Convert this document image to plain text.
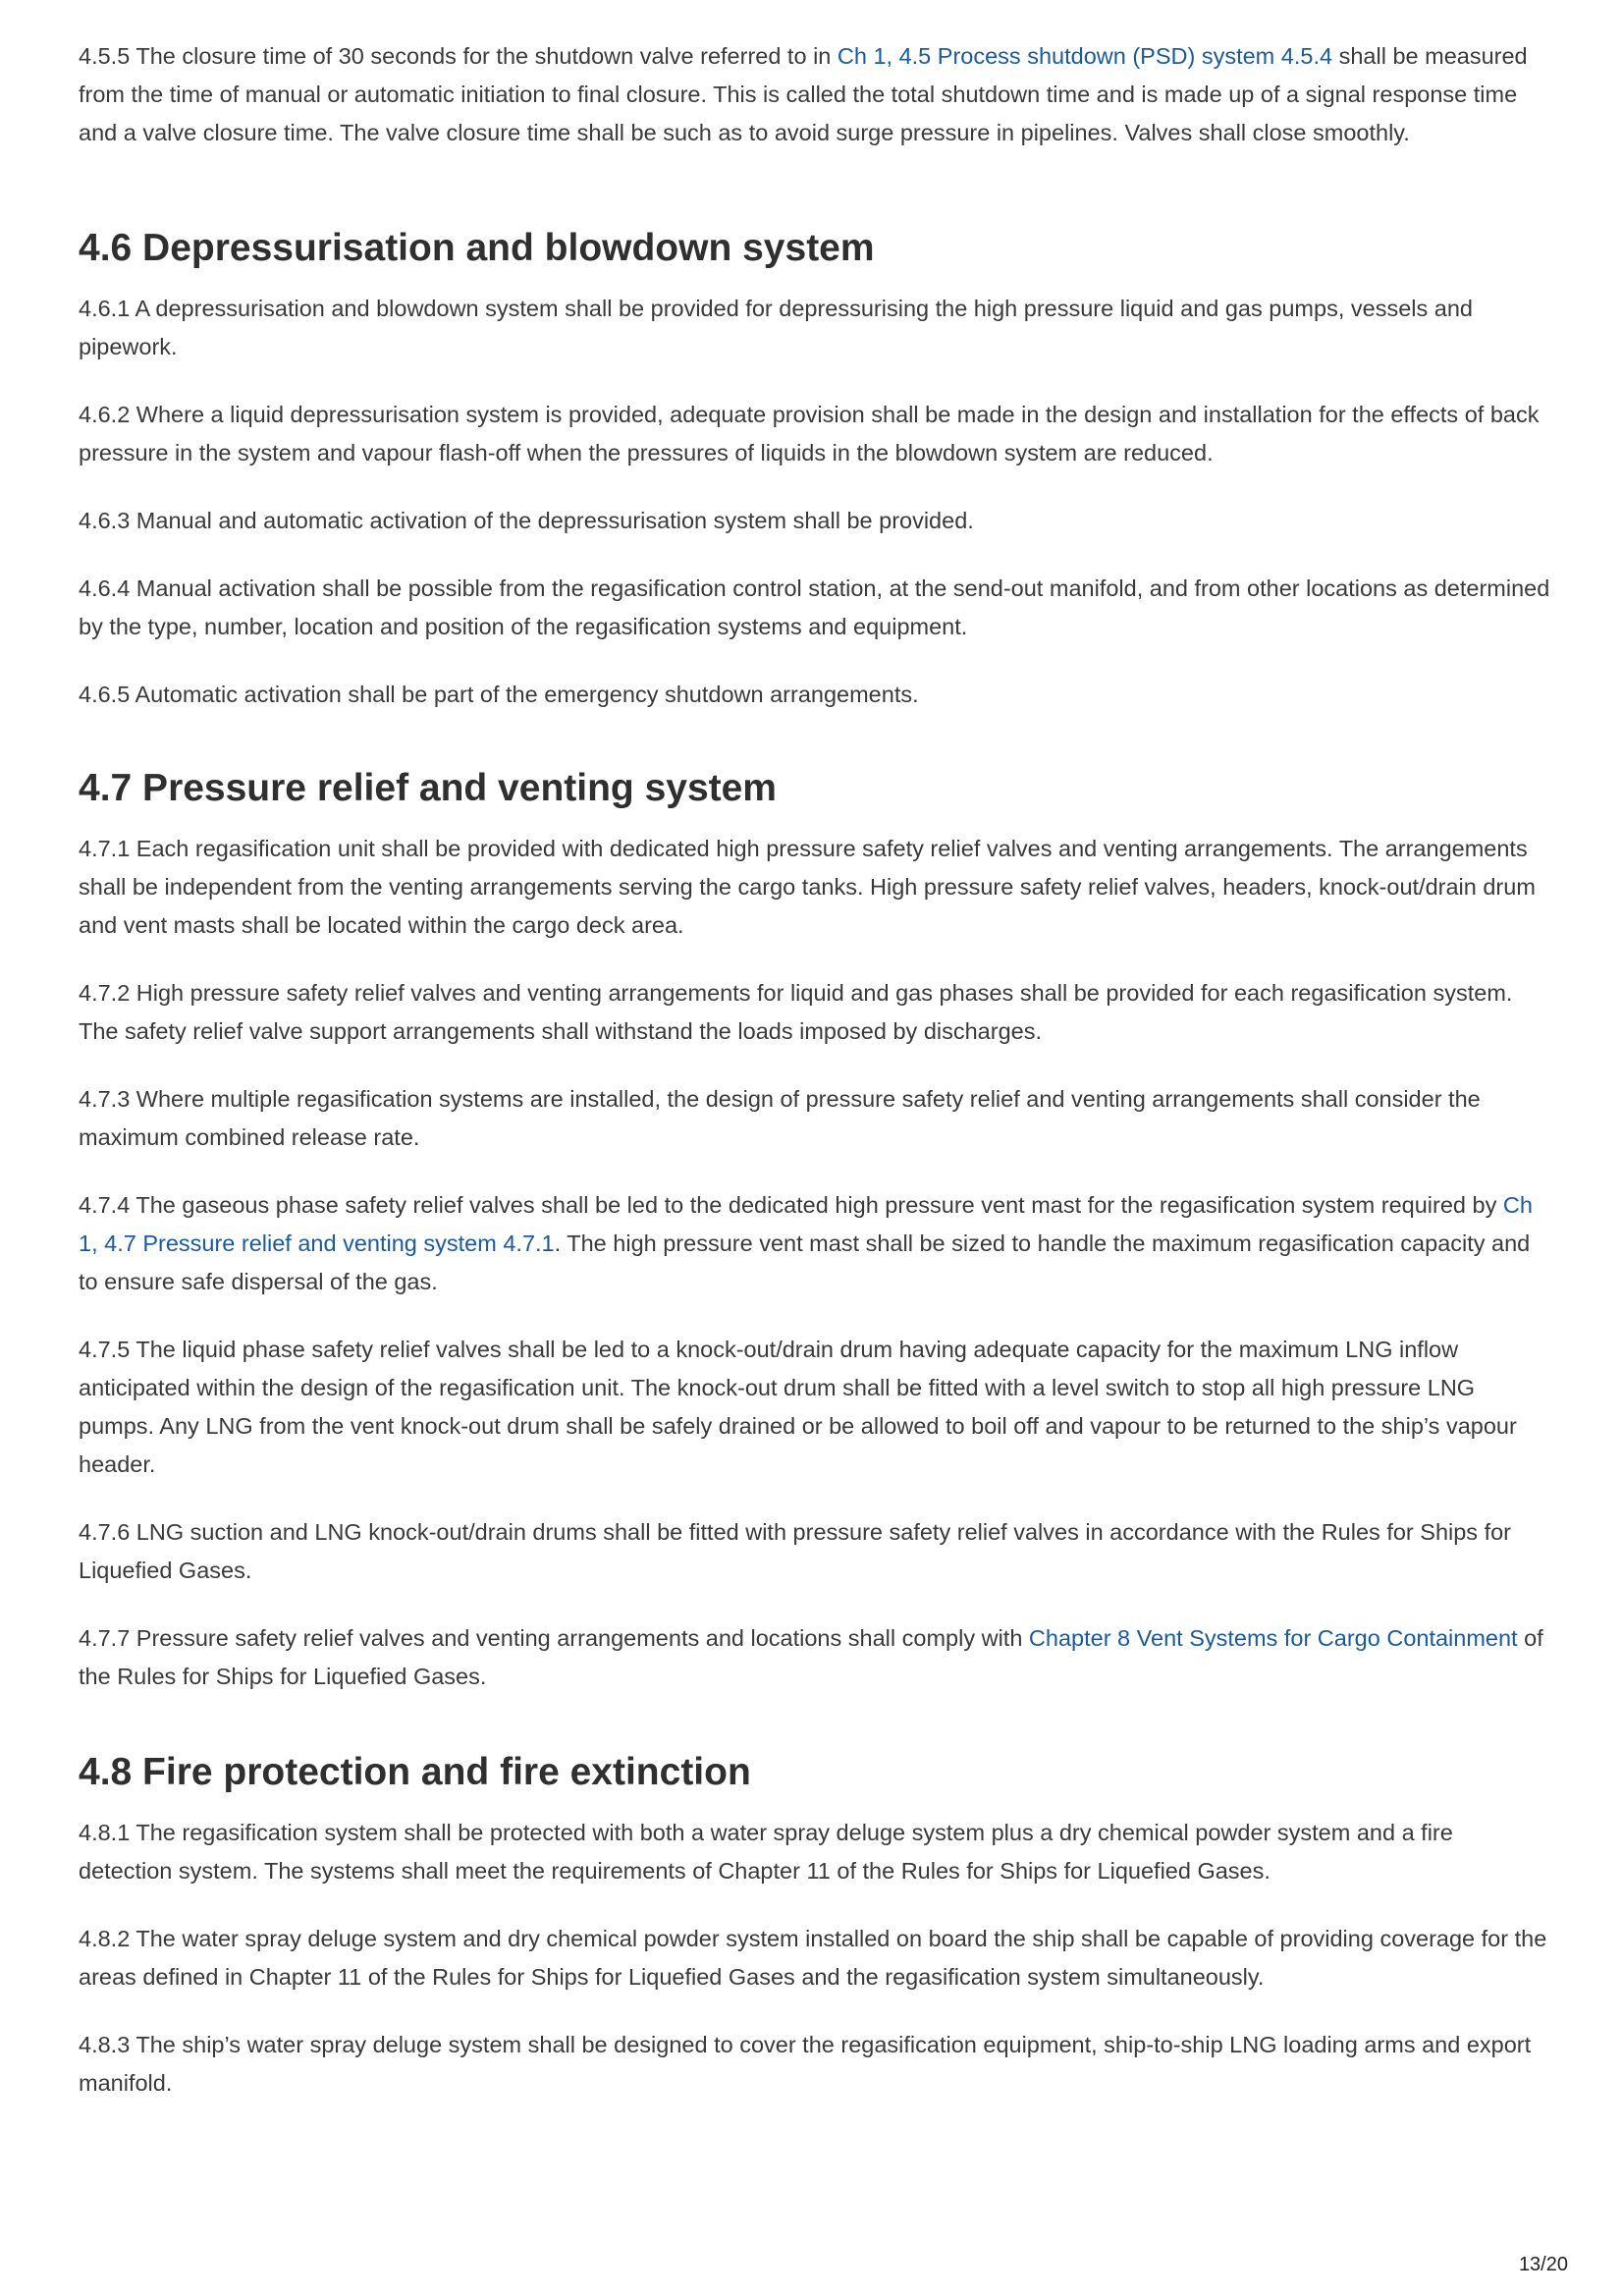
4.5.5 The closure time of 30 seconds for the shutdown valve referred to in Ch 1, 4.5 Process shutdown (PSD) system 4.5.4 shall be measured from the time of manual or automatic initiation to final closure. This is called the total shutdown time and is made up of a signal response time and a valve closure time. The valve closure time shall be such as to avoid surge pressure in pipelines. Valves shall close smoothly.

4.6 Depressurisation and blowdown system

4.6.1 A depressurisation and blowdown system shall be provided for depressurising the high pressure liquid and gas pumps, vessels and pipework.

4.6.2 Where a liquid depressurisation system is provided, adequate provision shall be made in the design and installation for the effects of back pressure in the system and vapour flash-off when the pressures of liquids in the blowdown system are reduced.

4.6.3 Manual and automatic activation of the depressurisation system shall be provided.

4.6.4 Manual activation shall be possible from the regasification control station, at the send-out manifold, and from other locations as determined by the type, number, location and position of the regasification systems and equipment.

4.6.5 Automatic activation shall be part of the emergency shutdown arrangements.

4.7 Pressure relief and venting system

4.7.1 Each regasification unit shall be provided with dedicated high pressure safety relief valves and venting arrangements. The arrangements shall be independent from the venting arrangements serving the cargo tanks. High pressure safety relief valves, headers, knock-out/drain drum and vent masts shall be located within the cargo deck area.

4.7.2 High pressure safety relief valves and venting arrangements for liquid and gas phases shall be provided for each regasification system. The safety relief valve support arrangements shall withstand the loads imposed by discharges.

4.7.3 Where multiple regasification systems are installed, the design of pressure safety relief and venting arrangements shall consider the maximum combined release rate.

4.7.4 The gaseous phase safety relief valves shall be led to the dedicated high pressure vent mast for the regasification system required by Ch 1, 4.7 Pressure relief and venting system 4.7.1. The high pressure vent mast shall be sized to handle the maximum regasification capacity and to ensure safe dispersal of the gas.

4.7.5 The liquid phase safety relief valves shall be led to a knock-out/drain drum having adequate capacity for the maximum LNG inflow anticipated within the design of the regasification unit. The knock-out drum shall be fitted with a level switch to stop all high pressure LNG pumps. Any LNG from the vent knock-out drum shall be safely drained or be allowed to boil off and vapour to be returned to the ship’s vapour header.

4.7.6 LNG suction and LNG knock-out/drain drums shall be fitted with pressure safety relief valves in accordance with the Rules for Ships for Liquefied Gases.

4.7.7 Pressure safety relief valves and venting arrangements and locations shall comply with Chapter 8 Vent Systems for Cargo Containment of the Rules for Ships for Liquefied Gases.

4.8 Fire protection and fire extinction

4.8.1 The regasification system shall be protected with both a water spray deluge system plus a dry chemical powder system and a fire detection system. The systems shall meet the requirements of Chapter 11 of the Rules for Ships for Liquefied Gases.

4.8.2 The water spray deluge system and dry chemical powder system installed on board the ship shall be capable of providing coverage for the areas defined in Chapter 11 of the Rules for Ships for Liquefied Gases and the regasification system simultaneously.

4.8.3 The ship’s water spray deluge system shall be designed to cover the regasification equipment, ship-to-ship LNG loading arms and export manifold.

13/20
